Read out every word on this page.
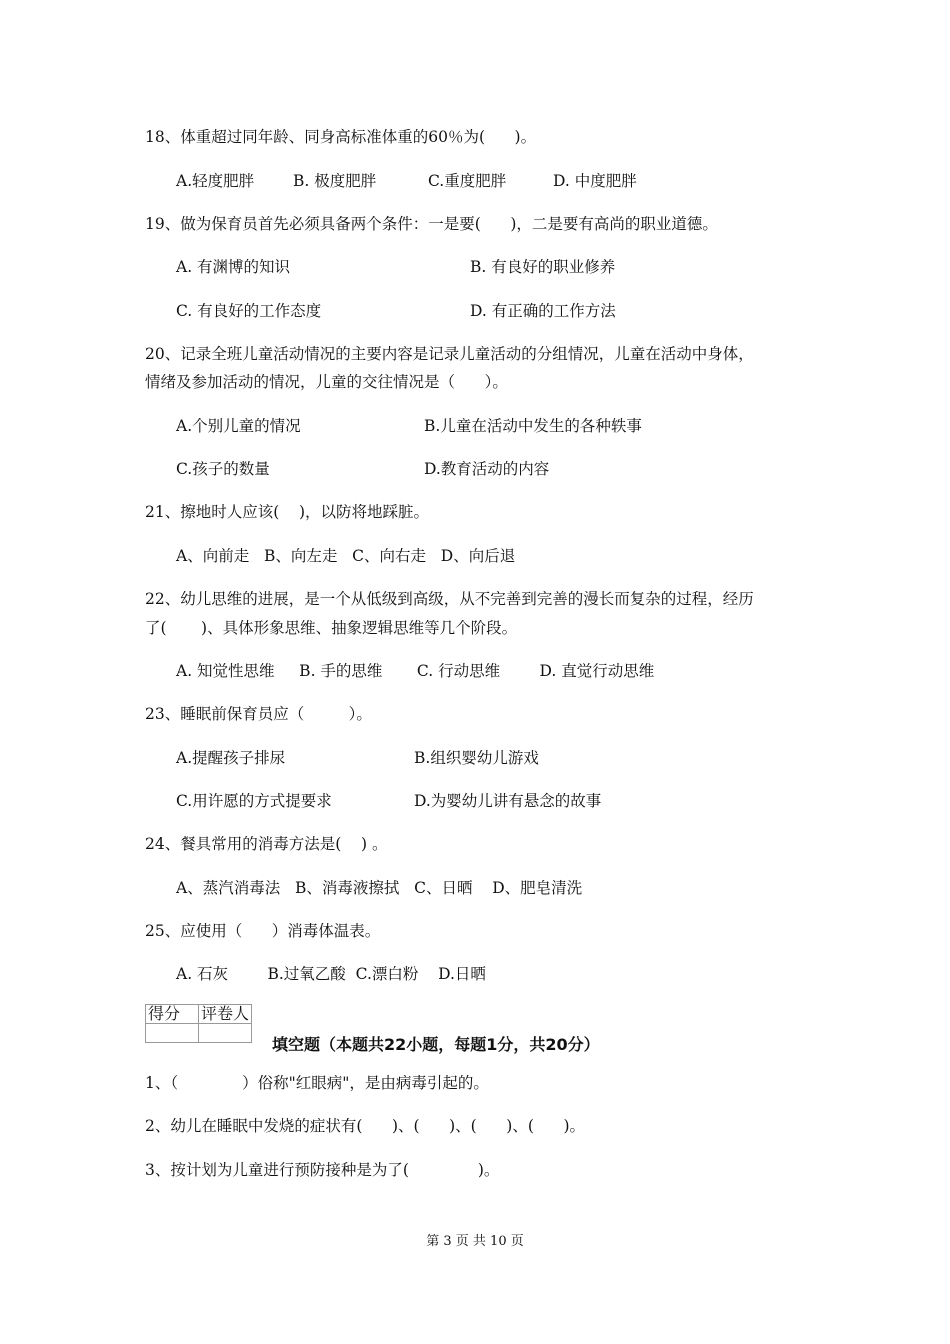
18、体重超过同年龄、同身高标准体重的60％为(      )。
A.轻度肥胖	B. 极度肥胖	C.重度肥胖	D. 中度肥胖
19、做为保育员首先必须具备两个条件：一是要(      )，二是要有高尚的职业道德。
A. 有渊博的知识	B. 有良好的职业修养
C. 有良好的工作态度	D. 有正确的工作方法
20、记录全班儿童活动情况的主要内容是记录儿童活动的分组情况，儿童在活动中身体，
情绪及参加活动的情况，儿童的交往情况是（      ）。
A.个别儿童的情况	B.儿童在活动中发生的各种轶事
C.孩子的数量	D.教育活动的内容
21、擦地时人应该(    )，以防将地踩脏。
A、向前走   B、向左走   C、向右走   D、向后退
22、幼儿思维的进展，是一个从低级到高级，从不完善到完善的漫长而复杂的过程，经历
了(       )、具体形象思维、抽象逻辑思维等几个阶段。
A. 知觉性思维     B. 手的思维       C. 行动思维        D. 直觉行动思维
23、睡眠前保育员应（         ）。
A.提醒孩子排尿	B.组织婴幼儿游戏
C.用许愿的方式提要求	D.为婴幼儿讲有悬念的故事
24、餐具常用的消毒方法是(    ) 。
A、蒸汽消毒法   B、消毒液擦拭   C、日晒    D、肥皂清洗
25、应使用（      ）消毒体温表。
A. 石灰        B.过氧乙酸  C.漂白粉    D.日晒
得分	评卷人

填空题（本题共22小题，每题1分，共20分）
1、（             ）俗称"红眼病"，是由病毒引起的。
2、幼儿在睡眠中发烧的症状有(      )、(      )、(      )、(      )。
3、按计划为儿童进行预防接种是为了(              )。
第 3 页 共 10 页
